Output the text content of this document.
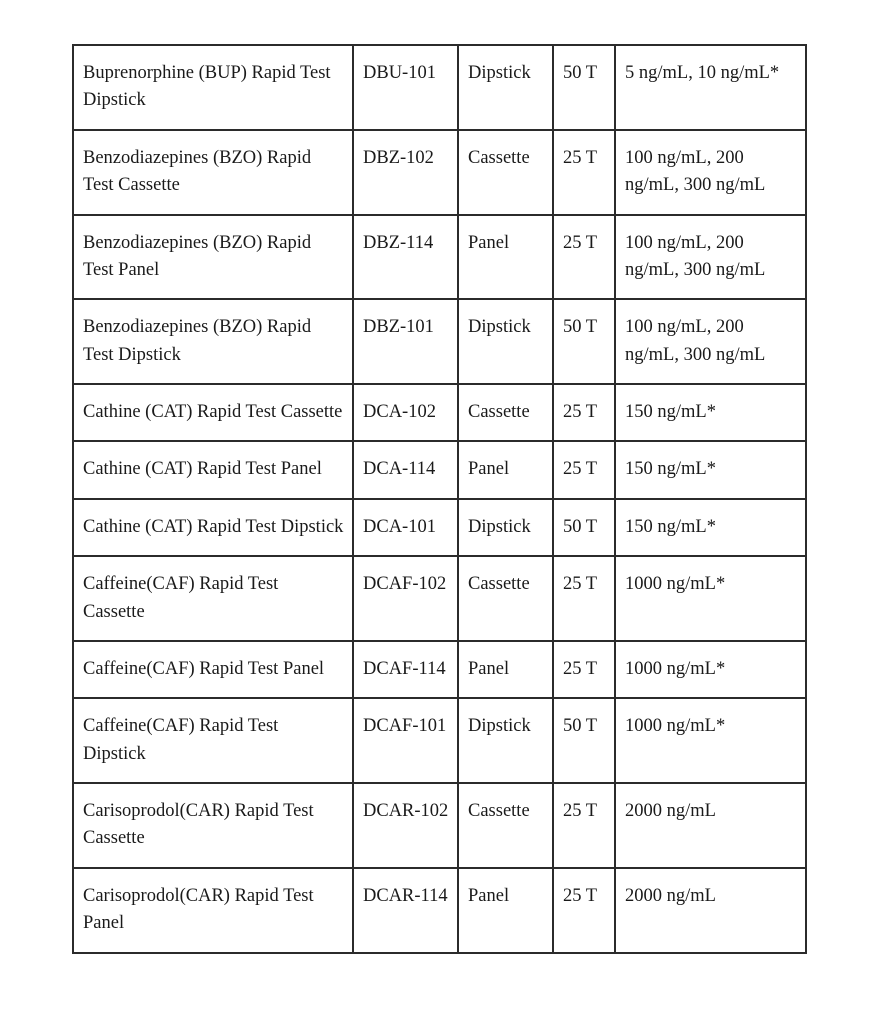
Buprenorphine (BUP) Rapid Test Dipstick	DBU-101	Dipstick	50 T	5 ng/mL, 10 ng/mL*
Benzodiazepines (BZO) Rapid Test Cassette	DBZ-102	Cassette	25 T	100 ng/mL, 200 ng/mL, 300 ng/mL
Benzodiazepines (BZO) Rapid Test Panel	DBZ-114	Panel	25 T	100 ng/mL, 200 ng/mL, 300 ng/mL
Benzodiazepines (BZO) Rapid Test Dipstick	DBZ-101	Dipstick	50 T	100 ng/mL, 200 ng/mL, 300 ng/mL
Cathine (CAT) Rapid Test Cassette	DCA-102	Cassette	25 T	150 ng/mL*
Cathine (CAT) Rapid Test Panel	DCA-114	Panel	25 T	150 ng/mL*
Cathine (CAT) Rapid Test Dipstick	DCA-101	Dipstick	50 T	150 ng/mL*
Caffeine(CAF) Rapid Test Cassette	DCAF-102	Cassette	25 T	1000 ng/mL*
Caffeine(CAF) Rapid Test Panel	DCAF-114	Panel	25 T	1000 ng/mL*
Caffeine(CAF) Rapid Test Dipstick	DCAF-101	Dipstick	50 T	1000 ng/mL*
Carisoprodol(CAR) Rapid Test Cassette	DCAR-102	Cassette	25 T	2000 ng/mL
Carisoprodol(CAR) Rapid Test Panel	DCAR-114	Panel	25 T	2000 ng/mL
